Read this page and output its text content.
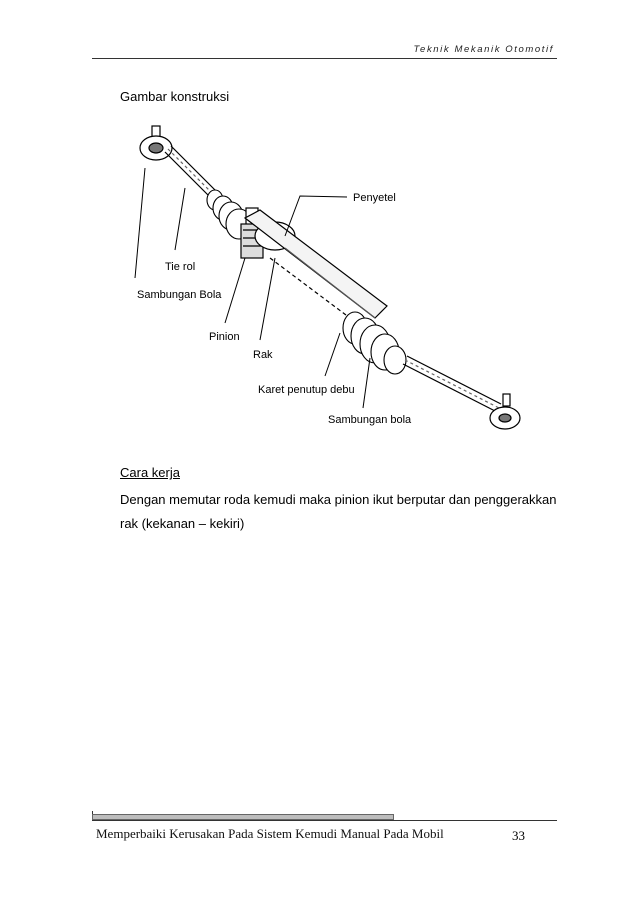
Teknik Mekanik Otomotif
Gambar konstruksi
Penyetel
Tie rol
Sambungan Bola
Pinion
Rak
Karet penutup debu
Sambungan bola
Cara kerja
Dengan memutar roda kemudi maka pinion ikut berputar dan penggerakkan rak (kekanan – kekiri)
Memperbaiki Kerusakan Pada Sistem Kemudi Manual Pada Mobil	33
